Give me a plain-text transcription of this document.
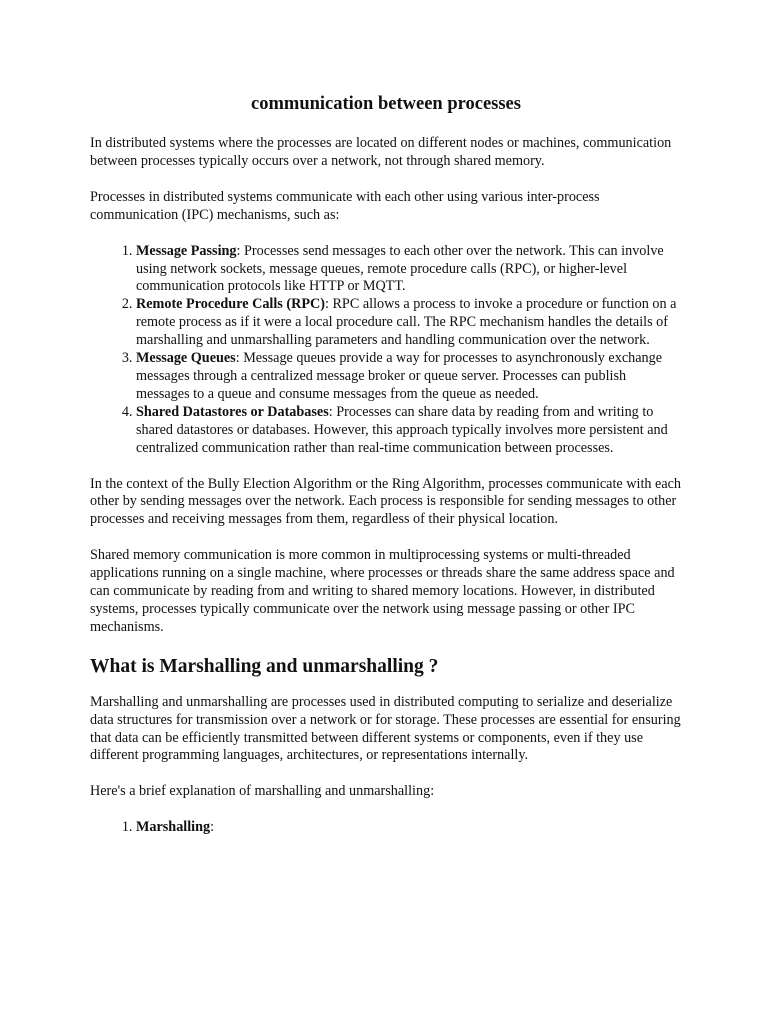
communication between processes

In distributed systems where the processes are located on different nodes or machines, communication between processes typically occurs over a network, not through shared memory.

Processes in distributed systems communicate with each other using various inter-process communication (IPC) mechanisms, such as:

1. Message Passing: Processes send messages to each other over the network. This can involve using network sockets, message queues, remote procedure calls (RPC), or higher-level communication protocols like HTTP or MQTT.
2. Remote Procedure Calls (RPC): RPC allows a process to invoke a procedure or function on a remote process as if it were a local procedure call. The RPC mechanism handles the details of marshalling and unmarshalling parameters and handling communication over the network.
3. Message Queues: Message queues provide a way for processes to asynchronously exchange messages through a centralized message broker or queue server. Processes can publish messages to a queue and consume messages from the queue as needed.
4. Shared Datastores or Databases: Processes can share data by reading from and writing to shared datastores or databases. However, this approach typically involves more persistent and centralized communication rather than real-time communication between processes.

In the context of the Bully Election Algorithm or the Ring Algorithm, processes communicate with each other by sending messages over the network. Each process is responsible for sending messages to other processes and receiving messages from them, regardless of their physical location.

Shared memory communication is more common in multiprocessing systems or multi-threaded applications running on a single machine, where processes or threads share the same address space and can communicate by reading from and writing to shared memory locations. However, in distributed systems, processes typically communicate over the network using message passing or other IPC mechanisms.

What is Marshalling and unmarshalling ?

Marshalling and unmarshalling are processes used in distributed computing to serialize and deserialize data structures for transmission over a network or for storage. These processes are essential for ensuring that data can be efficiently transmitted between different systems or components, even if they use different programming languages, architectures, or representations internally.

Here's a brief explanation of marshalling and unmarshalling:

1. Marshalling:
